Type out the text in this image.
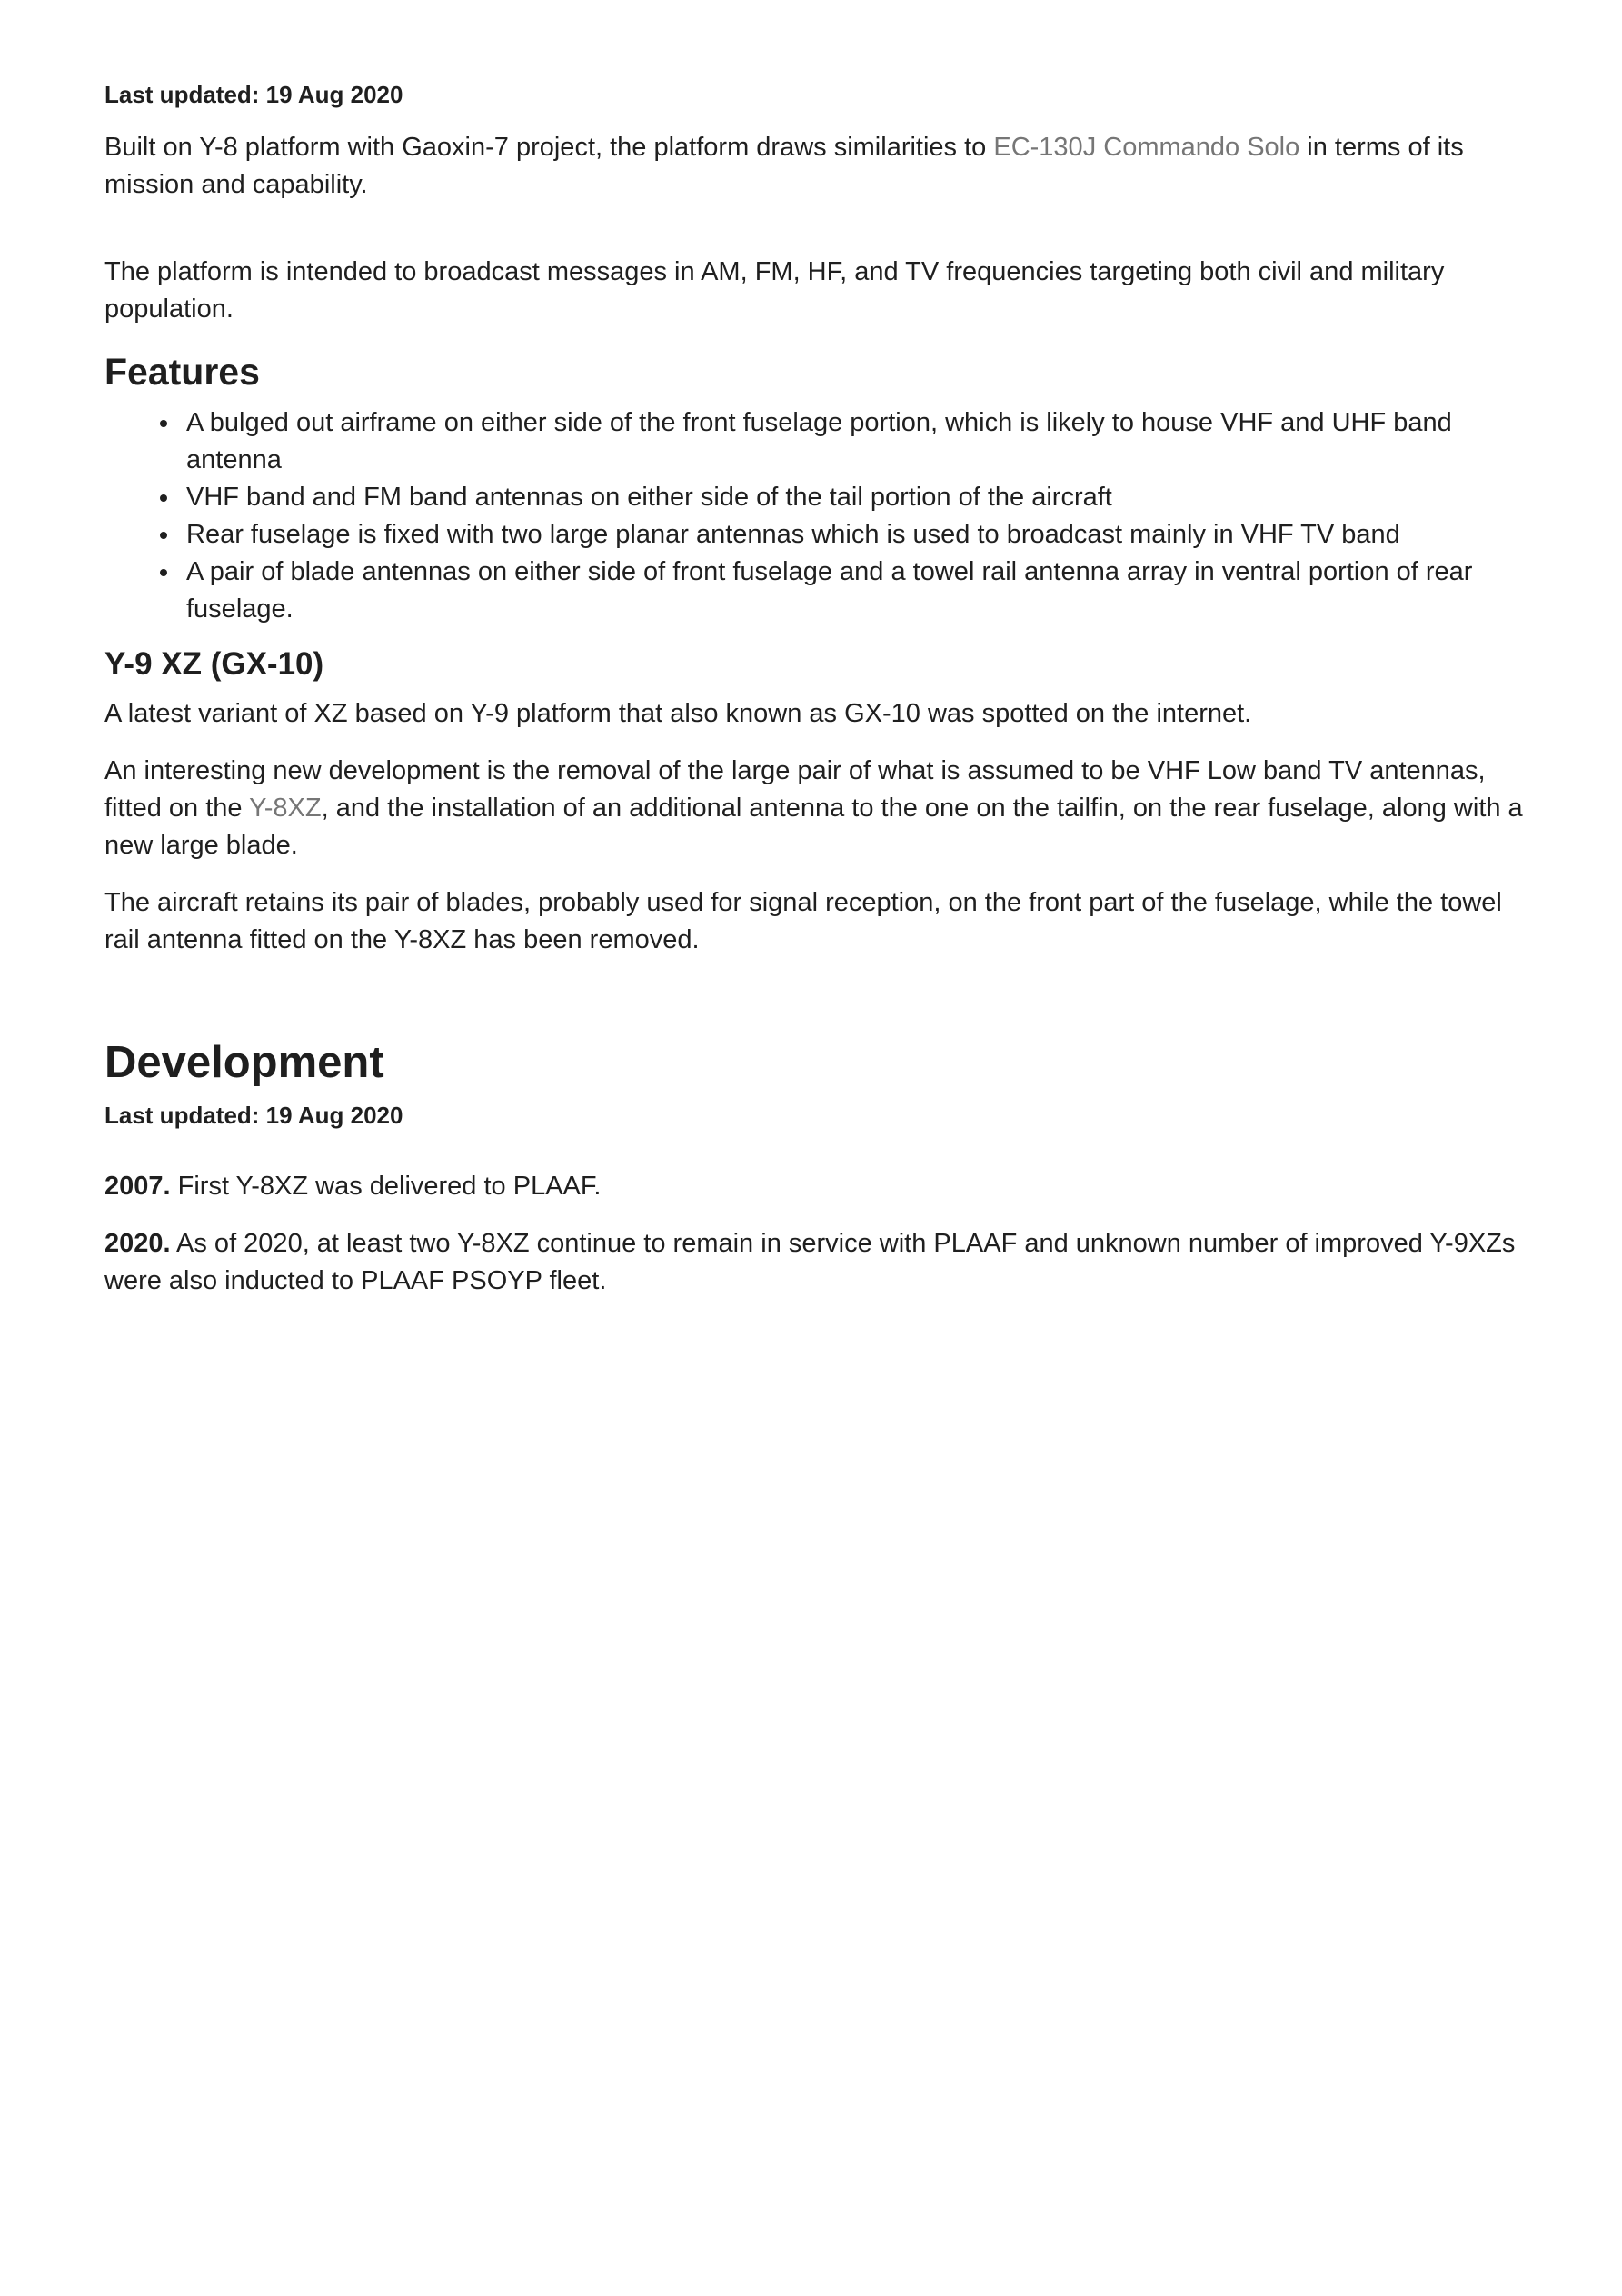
Last updated: 19 Aug 2020

Built on Y-8 platform with Gaoxin-7 project, the platform draws similarities to EC-130J Commando Solo in terms of its mission and capability.

The platform is intended to broadcast messages in AM, FM, HF, and TV frequencies targeting both civil and military population.

Features
A bulged out airframe on either side of the front fuselage portion, which is likely to house VHF and UHF band antenna
VHF band and FM band antennas on either side of the tail portion of the aircraft
Rear fuselage is fixed with two large planar antennas which is used to broadcast mainly in VHF TV band
A pair of blade antennas on either side of front fuselage and a towel rail antenna array in ventral portion of rear fuselage.
Y-9 XZ (GX-10)

A latest variant of XZ based on Y-9 platform that also known as GX-10 was spotted on the internet.

An interesting new development is the removal of the large pair of what is assumed to be VHF Low band TV antennas, fitted on the Y-8XZ, and the installation of an additional antenna to the one on the tailfin, on the rear fuselage, along with a new large blade.

The aircraft retains its pair of blades, probably used for signal reception, on the front part of the fuselage, while the towel rail antenna fitted on the Y-8XZ has been removed.

Development
Last updated: 19 Aug 2020

2007. First Y-8XZ was delivered to PLAAF.

2020. As of 2020, at least two Y-8XZ continue to remain in service with PLAAF and unknown number of improved Y-9XZs were also inducted to PLAAF PSOYP fleet.
